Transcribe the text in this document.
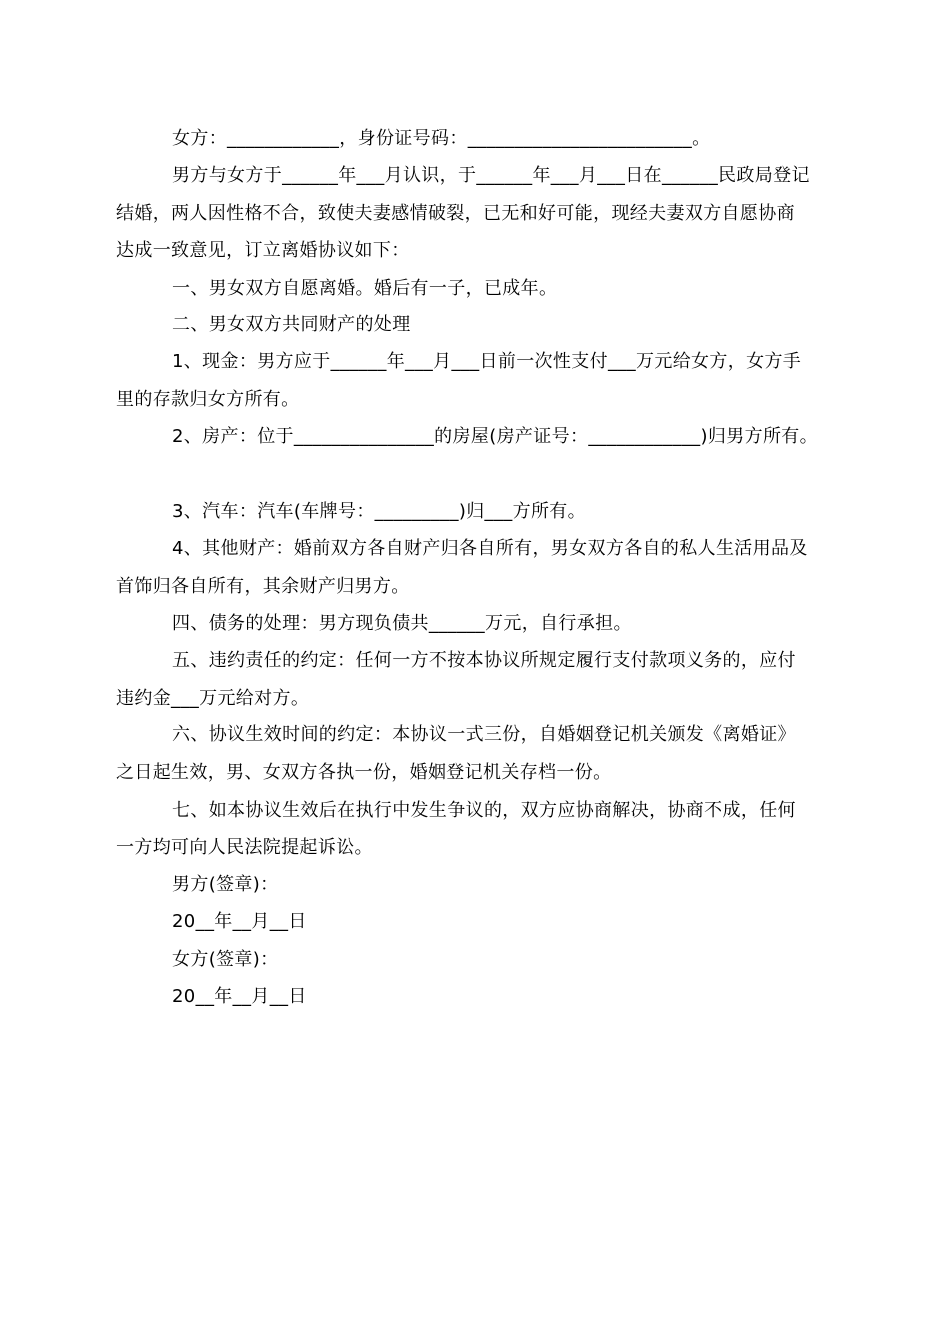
女方：____________，身份证号码：________________________。
男方与女方于______年___月认识，于______年___月___日在______民政局登记
结婚，两人因性格不合，致使夫妻感情破裂，已无和好可能，现经夫妻双方自愿协商
达成一致意见，订立离婚协议如下：
一、男女双方自愿离婚。婚后有一子，已成年。
二、男女双方共同财产的处理
1、现金：男方应于______年___月___日前一次性支付___万元给女方，女方手
里的存款归女方所有。
2、房产：位于_______________的房屋(房产证号：____________)归男方所有。
3、汽车：汽车(车牌号：_________)归___方所有。
4、其他财产：婚前双方各自财产归各自所有，男女双方各自的私人生活用品及
首饰归各自所有，其余财产归男方。
四、债务的处理：男方现负债共______万元，自行承担。
五、违约责任的约定：任何一方不按本协议所规定履行支付款项义务的，应付
违约金___万元给对方。
六、协议生效时间的约定：本协议一式三份，自婚姻登记机关颁发《离婚证》
之日起生效，男、女双方各执一份，婚姻登记机关存档一份。
七、如本协议生效后在执行中发生争议的，双方应协商解决，协商不成，任何
一方均可向人民法院提起诉讼。
男方(签章)：
20__年__月__日
女方(签章)：
20__年__月__日
